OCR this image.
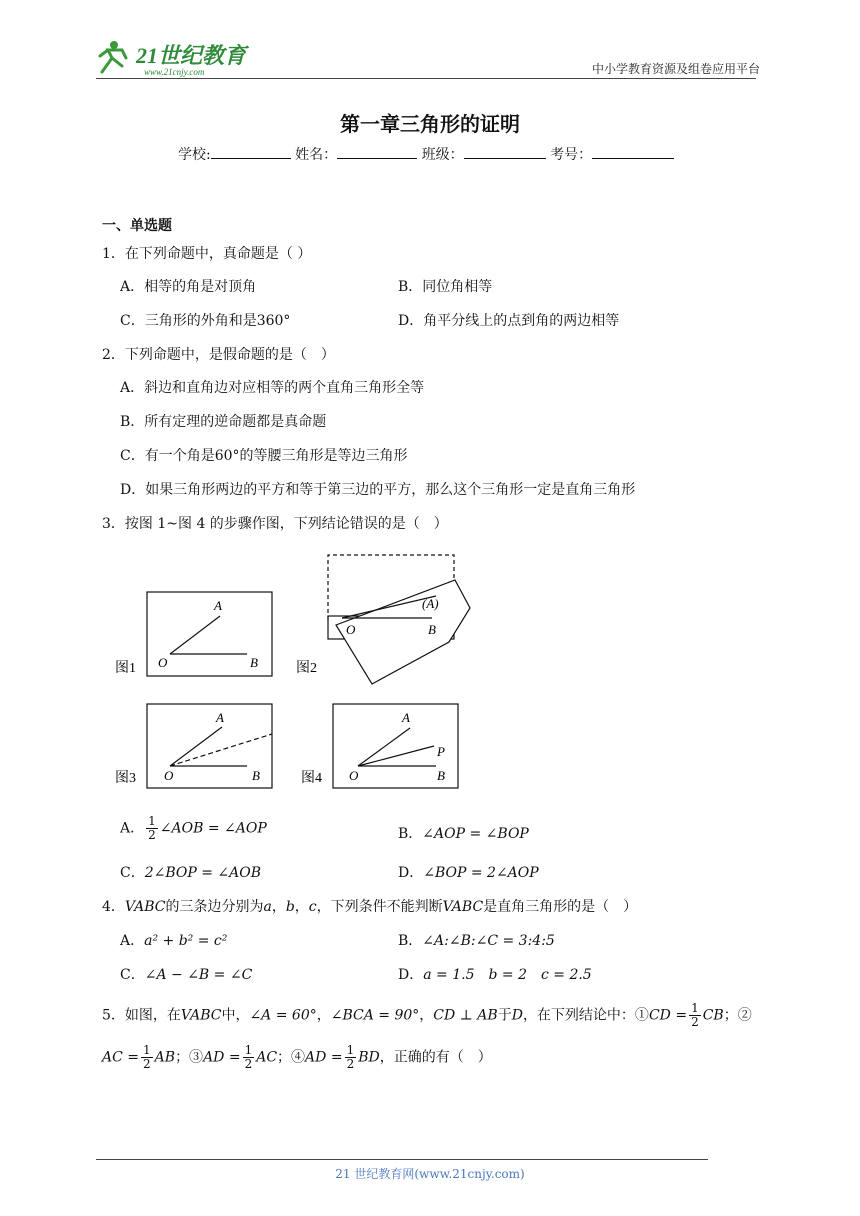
21世纪教育
www.21cnjy.com	中小学教育资源及组卷应用平台
第一章三角形的证明
学校:	姓名：	班级：	考号：
一、单选题
1．在下列命题中，真命题是（ ）
A．相等的角是对顶角	B．同位角相等
C．三角形的外角和是360°	D．角平分线上的点到角的两边相等
2．下列命题中，是假命题的是（　）
A．斜边和直角边对应相等的两个直角三角形全等
B．所有定理的逆命题都是真命题
C．有一个角是60°的等腰三角形是等边三角形
D．如果三角形两边的平方和等于第三边的平方，那么这个三角形一定是直角三角形
3．按图 1~图 4 的步骤作图，下列结论错误的是（　）
A
O	B
图1
(A)
O	B
图2
A
O	B
图3
A
P
O	B
图4
A． $\frac{1}{2}$ ∠AOB = ∠AOP	B．∠AOP = ∠BOP
C．2∠BOP = ∠AOB	D．∠BOP = 2∠AOP
4．VABC的三条边分别为a，b，c，下列条件不能判断VABC是直角三角形的是（　）
A．a² + b² = c²	B．∠A:∠B:∠C = 3:4:5
C．∠A − ∠B = ∠C	D．a = 1.5　b = 2　c = 2.5
5．如图，在VABC中，∠A = 60°，∠BCA = 90°，CD ⊥ AB于D，在下列结论中：①CD = $\frac{1}{2}$ CB；②
AC = $\frac{1}{2}$ AB；③AD = $\frac{1}{2}$ AC；④AD = $\frac{1}{2}$ BD，正确的有（　）
21 世纪教育网(www.21cnjy.com)
